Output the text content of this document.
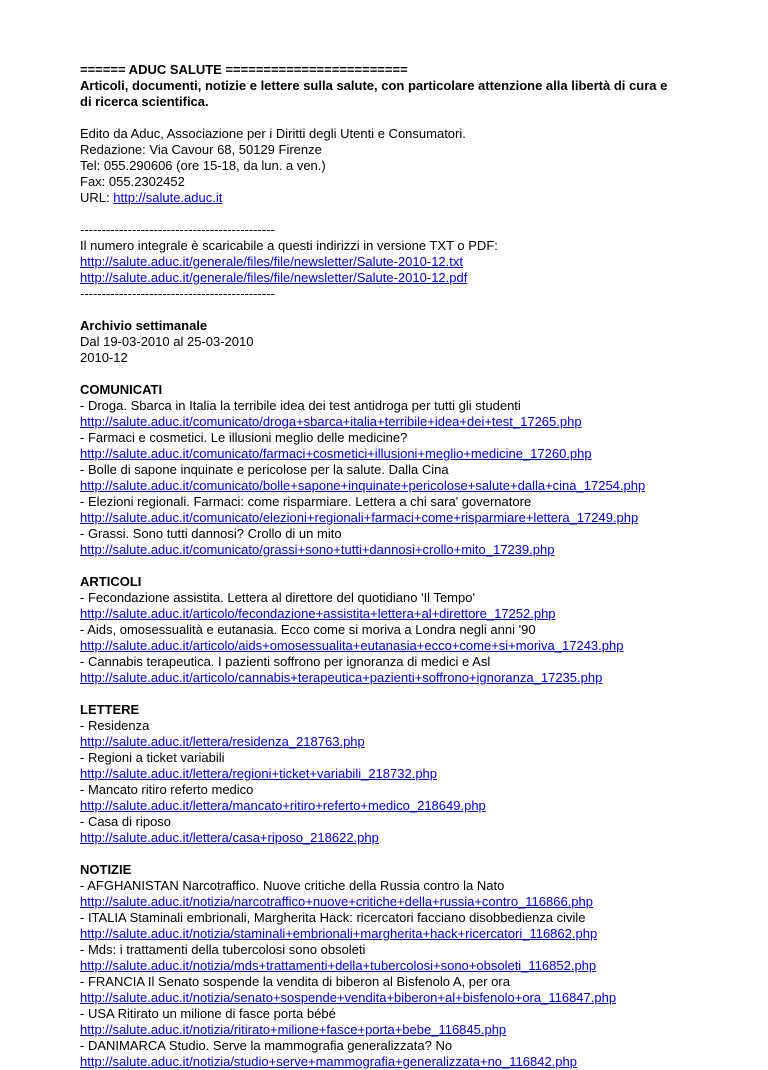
====== ADUC SALUTE ========================

Articoli, documenti, notizie e lettere sulla salute, con particolare attenzione alla libertà di cura e di ricerca scientifica.

Edito da Aduc, Associazione per i Diritti degli Utenti e Consumatori.

Redazione: Via Cavour 68, 50129 Firenze

Tel: 055.290606 (ore 15-18, da lun. a ven.)

Fax: 055.2302452

URL: http://salute.aduc.it

---------------------------------------------

Il numero integrale è scaricabile a questi indirizzi in versione TXT o PDF:

http://salute.aduc.it/generale/files/file/newsletter/Salute-2010-12.txt

http://salute.aduc.it/generale/files/file/newsletter/Salute-2010-12.pdf

---------------------------------------------

Archivio settimanale

Dal 19-03-2010 al 25-03-2010

2010-12

COMUNICATI

- Droga. Sbarca in Italia la terribile idea dei test antidroga per tutti gli studenti

http://salute.aduc.it/comunicato/droga+sbarca+italia+terribile+idea+dei+test_17265.php

- Farmaci e cosmetici. Le illusioni meglio delle medicine?

http://salute.aduc.it/comunicato/farmaci+cosmetici+illusioni+meglio+medicine_17260.php

- Bolle di sapone inquinate e pericolose per la salute. Dalla Cina

http://salute.aduc.it/comunicato/bolle+sapone+inquinate+pericolose+salute+dalla+cina_17254.php

- Elezioni regionali. Farmaci: come risparmiare. Lettera a chi sara' governatore

http://salute.aduc.it/comunicato/elezioni+regionali+farmaci+come+risparmiare+lettera_17249.php

- Grassi. Sono tutti dannosi? Crollo di un mito

http://salute.aduc.it/comunicato/grassi+sono+tutti+dannosi+crollo+mito_17239.php

ARTICOLI

- Fecondazione assistita. Lettera al direttore del quotidiano 'Il Tempo'

http://salute.aduc.it/articolo/fecondazione+assistita+lettera+al+direttore_17252.php

- Aids, omosessualità e eutanasia. Ecco come si moriva a Londra negli anni '90

http://salute.aduc.it/articolo/aids+omosessualita+eutanasia+ecco+come+si+moriva_17243.php

- Cannabis terapeutica. I pazienti soffrono per ignoranza di medici e Asl

http://salute.aduc.it/articolo/cannabis+terapeutica+pazienti+soffrono+ignoranza_17235.php

LETTERE

- Residenza

http://salute.aduc.it/lettera/residenza_218763.php

- Regioni a ticket variabili

http://salute.aduc.it/lettera/regioni+ticket+variabili_218732.php

- Mancato ritiro referto medico

http://salute.aduc.it/lettera/mancato+ritiro+referto+medico_218649.php

- Casa di riposo

http://salute.aduc.it/lettera/casa+riposo_218622.php

NOTIZIE

- AFGHANISTAN Narcotraffico. Nuove critiche della Russia contro la Nato

http://salute.aduc.it/notizia/narcotraffico+nuove+critiche+della+russia+contro_116866.php

- ITALIA Staminali embrionali, Margherita Hack: ricercatori facciano disobbedienza civile

http://salute.aduc.it/notizia/staminali+embrionali+margherita+hack+ricercatori_116862.php

- Mds: i trattamenti della tubercolosi sono obsoleti

http://salute.aduc.it/notizia/mds+trattamenti+della+tubercolosi+sono+obsoleti_116852.php

- FRANCIA Il Senato sospende la vendita di biberon al Bisfenolo A, per ora

http://salute.aduc.it/notizia/senato+sospende+vendita+biberon+al+bisfenolo+ora_116847.php

- USA Ritirato un milione di fasce porta bébé

http://salute.aduc.it/notizia/ritirato+milione+fasce+porta+bebe_116845.php

- DANIMARCA Studio. Serve la mammografia generalizzata? No

http://salute.aduc.it/notizia/studio+serve+mammografia+generalizzata+no_116842.php
